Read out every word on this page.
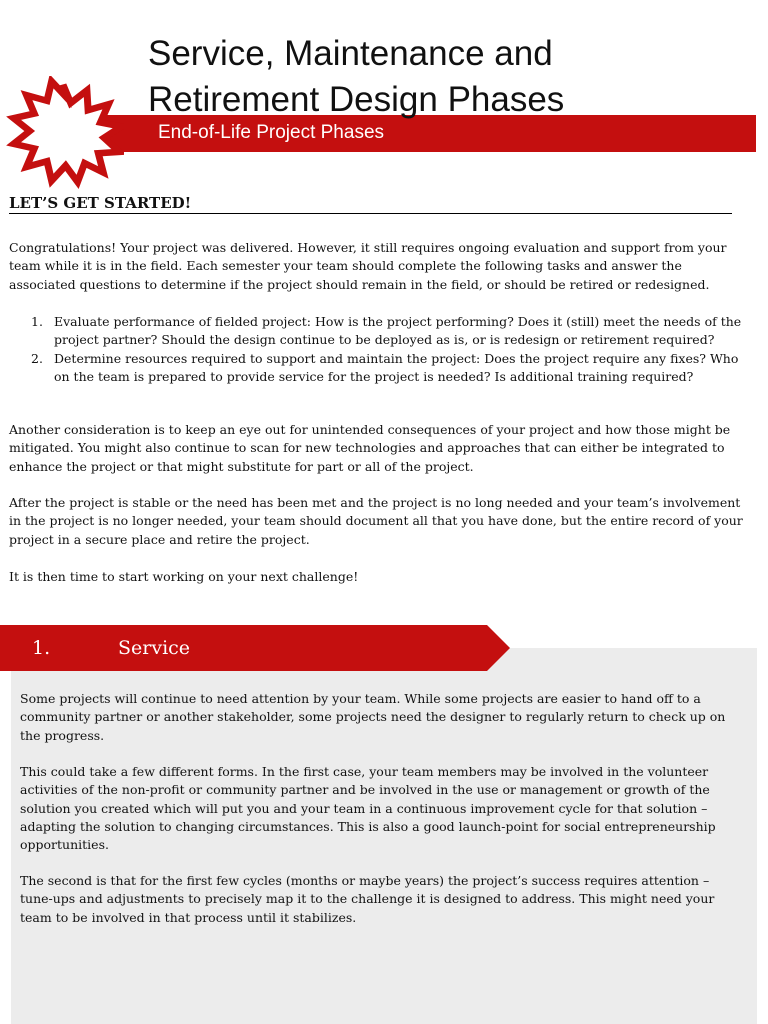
Service, Maintenance and
Retirement Design Phases
End-of-Life Project Phases
LET’S GET STARTED!

Congratulations! Your project was delivered. However, it still requires ongoing evaluation and support from your team while it is in the field. Each semester your team should complete the following tasks and answer the associated questions to determine if the project should remain in the field, or should be retired or redesigned.

1. Evaluate performance of fielded project: How is the project performing? Does it (still) meet the needs of the project partner? Should the design continue to be deployed as is, or is redesign or retirement required?
2. Determine resources required to support and maintain the project: Does the project require any fixes? Who on the team is prepared to provide service for the project is needed? Is additional training required?

Another consideration is to keep an eye out for unintended consequences of your project and how those might be mitigated. You might also continue to scan for new technologies and approaches that can either be integrated to enhance the project or that might substitute for part or all of the project.

After the project is stable or the need has been met and the project is no long needed and your team’s involvement in the project is no longer needed, your team should document all that you have done, but the entire record of your project in a secure place and retire the project.

It is then time to start working on your next challenge!

1.	Service

Some projects will continue to need attention by your team. While some projects are easier to hand off to a community partner or another stakeholder, some projects need the designer to regularly return to check up on the progress.

This could take a few different forms. In the first case, your team members may be involved in the volunteer activities of the non-profit or community partner and be involved in the use or management or growth of the solution you created which will put you and your team in a continuous improvement cycle for that solution – adapting the solution to changing circumstances. This is also a good launch-point for social entrepreneurship opportunities.

The second is that for the first few cycles (months or maybe years) the project’s success requires attention – tune-ups and adjustments to precisely map it to the challenge it is designed to address. This might need your team to be involved in that process until it stabilizes.
